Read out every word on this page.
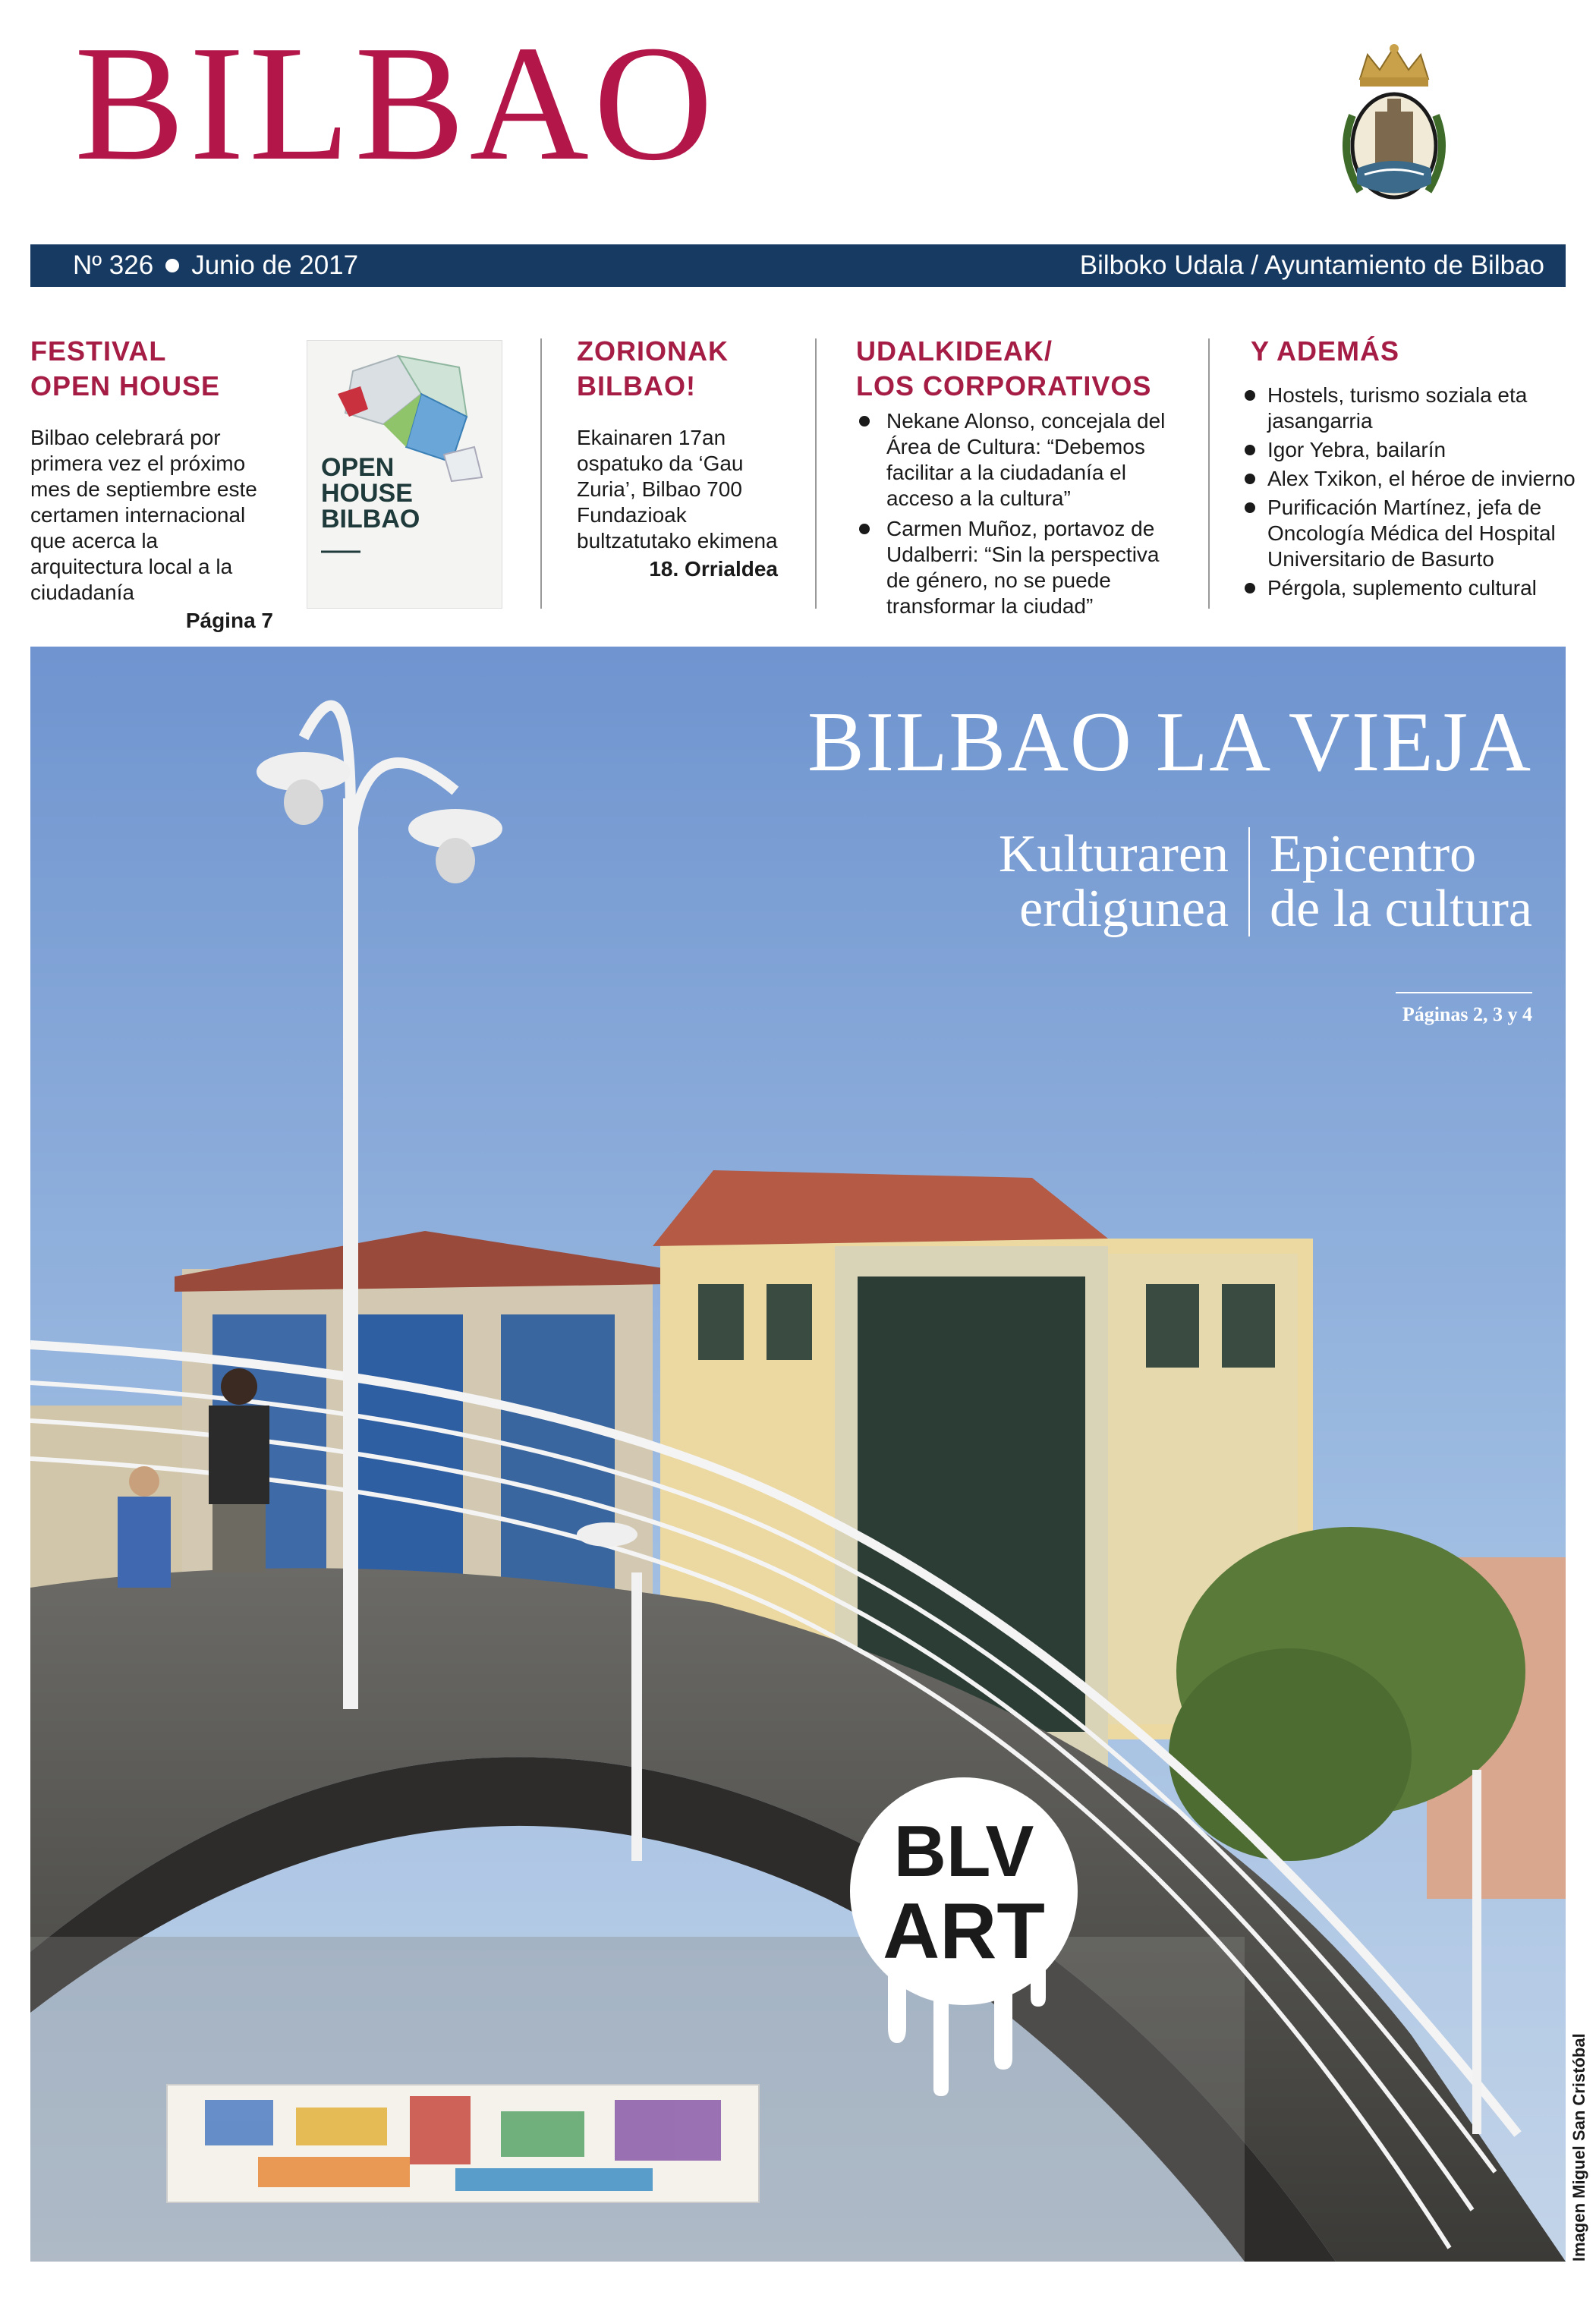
BILBAO
Nº 326 Junio de 2017	Bilboko Udala / Ayuntamiento de Bilbao
FESTIVAL
OPEN HOUSE

Bilbao celebrará por primera vez el próximo mes de septiembre este certamen internacional que acerca la arquitectura local a la ciudadanía

Página 7
OPEN
HOUSE
BILBAO
ZORIONAK
BILBAO!

Ekainaren 17an ospatuko da ‘Gau Zuria’, Bilbao 700 Fundazioak bultzatutako ekimena

18. Orrialdea
UDALKIDEAK/
LOS CORPORATIVOS
Nekane Alonso, concejala del Área de Cultura: “Debemos facilitar a la ciudadanía el acceso a la cultura”
Carmen Muñoz, portavoz de Udalberri: “Sin la perspectiva de género, no se puede transformar la ciudad”
Y ADEMÁS
Hostels, turismo soziala eta jasangarria
Igor Yebra, bailarín
Alex Txikon, el héroe de invierno
Purificación Martínez, jefa de Oncología Médica del Hospital Universitario de Basurto
Pérgola, suplemento cultural
BLV
ART
BILBAO LA VIEJA
Kulturaren
erdigunea
Epicentro
de la cultura
Páginas 2, 3 y 4
Imagen Miguel San Cristóbal
